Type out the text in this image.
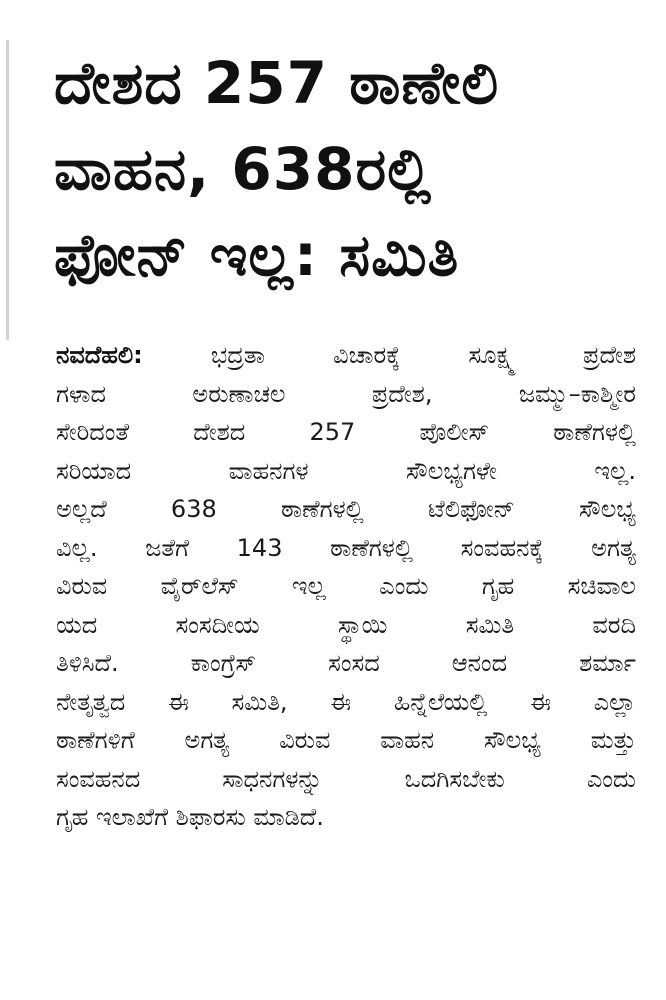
ದೇಶದ 257 ಠಾಣೇಲಿ
ವಾಹನ, 638ರಲ್ಲಿ
ಫೋನ್ ಇಲ್ಲ: ಸಮಿತಿ
ನವದೆಹಲಿ: ಭದ್ರತಾ ವಿಚಾರಕ್ಕೆ ಸೂಕ್ಷ್ಮ ಪ್ರದೇಶ
ಗಳಾದ ಅರುಣಾಚಲ ಪ್ರದೇಶ, ಜಮ್ಮು–ಕಾಶ್ಮೀರ
ಸೇರಿದಂತೆ ದೇಶದ 257 ಪೊಲೀಸ್ ಠಾಣೆಗಳಲ್ಲಿ
ಸರಿಯಾದ ವಾಹನಗಳ ಸೌಲಭ್ಯಗಳೇ ಇಲ್ಲ.
ಅಲ್ಲದೆ 638 ಠಾಣೆಗಳಲ್ಲಿ ಟೆಲಿಫೋನ್ ಸೌಲಭ್ಯ
ವಿಲ್ಲ. ಜತೆಗೆ 143 ಠಾಣೆಗಳಲ್ಲಿ ಸಂವಹನಕ್ಕೆ ಅಗತ್ಯ
ವಿರುವ ವೈರ್‌ಲೆಸ್ ಇಲ್ಲ ಎಂದು ಗೃಹ ಸಚಿವಾಲ
ಯದ ಸಂಸದೀಯ ಸ್ಥಾಯಿ ಸಮಿತಿ ವರದಿ
ತಿಳಿಸಿದೆ. ಕಾಂಗ್ರೆಸ್ ಸಂಸದ ಆನಂದ ಶರ್ಮಾ
ನೇತೃತ್ವದ ಈ ಸಮಿತಿ, ಈ ಹಿನ್ನೆಲೆಯಲ್ಲಿ ಈ ಎಲ್ಲಾ
ಠಾಣೆಗಳಿಗೆ ಅಗತ್ಯ ವಿರುವ ವಾಹನ ಸೌಲಭ್ಯ ಮತ್ತು
ಸಂವಹನದ ಸಾಧನಗಳನ್ನು ಒದಗಿಸಬೇಕು ಎಂದು
ಗೃಹ ಇಲಾಖೆಗೆ ಶಿಫಾರಸು ಮಾಡಿದೆ.
